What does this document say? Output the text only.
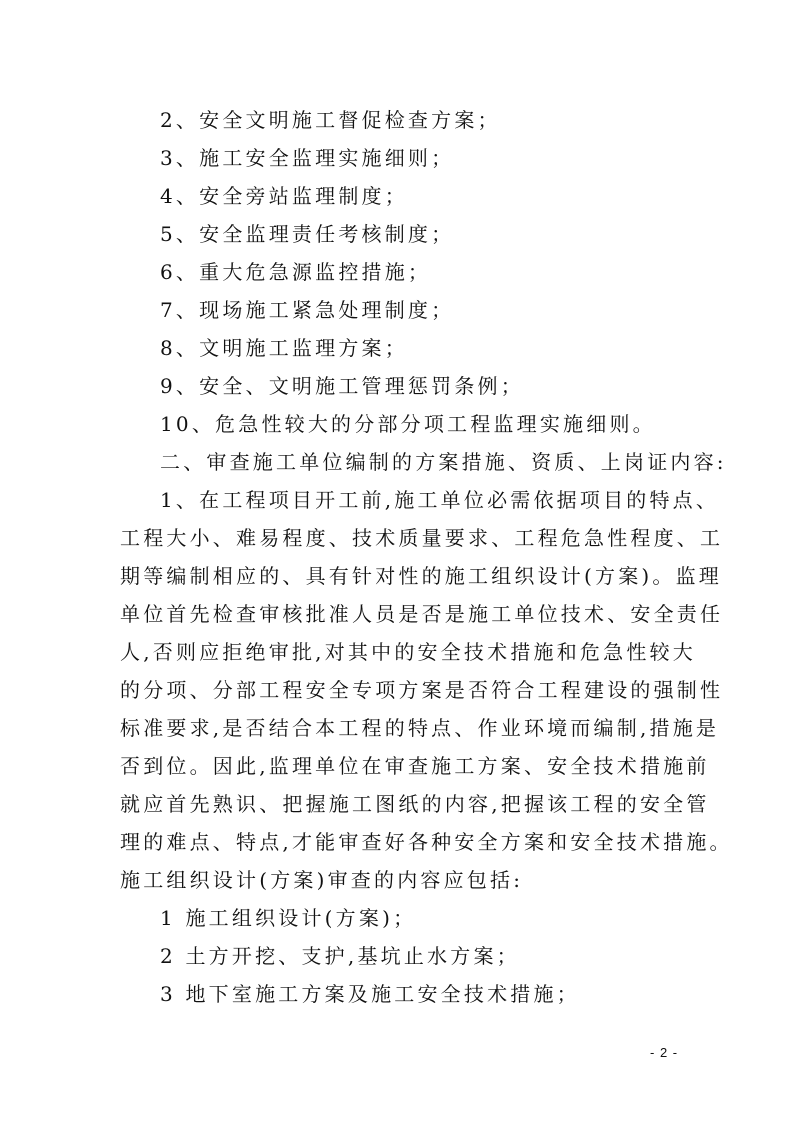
2、安全文明施工督促检查方案；
3、施工安全监理实施细则；
4、安全旁站监理制度；
5、安全监理责任考核制度；
6、重大危急源监控措施；
7、现场施工紧急处理制度；
8、文明施工监理方案；
9、安全、文明施工管理惩罚条例；
10、危急性较大的分部分项工程监理实施细则。
二、审查施工单位编制的方案措施、资质、上岗证内容:
1、在工程项目开工前,施工单位必需依据项目的特点、
工程大小、难易程度、技术质量要求、工程危急性程度、工
期等编制相应的、具有针对性的施工组织设计(方案)。监理
单位首先检查审核批准人员是否是施工单位技术、安全责任
人,否则应拒绝审批,对其中的安全技术措施和危急性较大
的分项、分部工程安全专项方案是否符合工程建设的强制性
标准要求,是否结合本工程的特点、作业环境而编制,措施是
否到位。因此,监理单位在审查施工方案、安全技术措施前
就应首先熟识、把握施工图纸的内容,把握该工程的安全管
理的难点、特点,才能审查好各种安全方案和安全技术措施。
施工组织设计(方案)审查的内容应包括:
1 施工组织设计(方案)；
2 土方开挖、支护,基坑止水方案；
3 地下室施工方案及施工安全技术措施；
- 2 -
